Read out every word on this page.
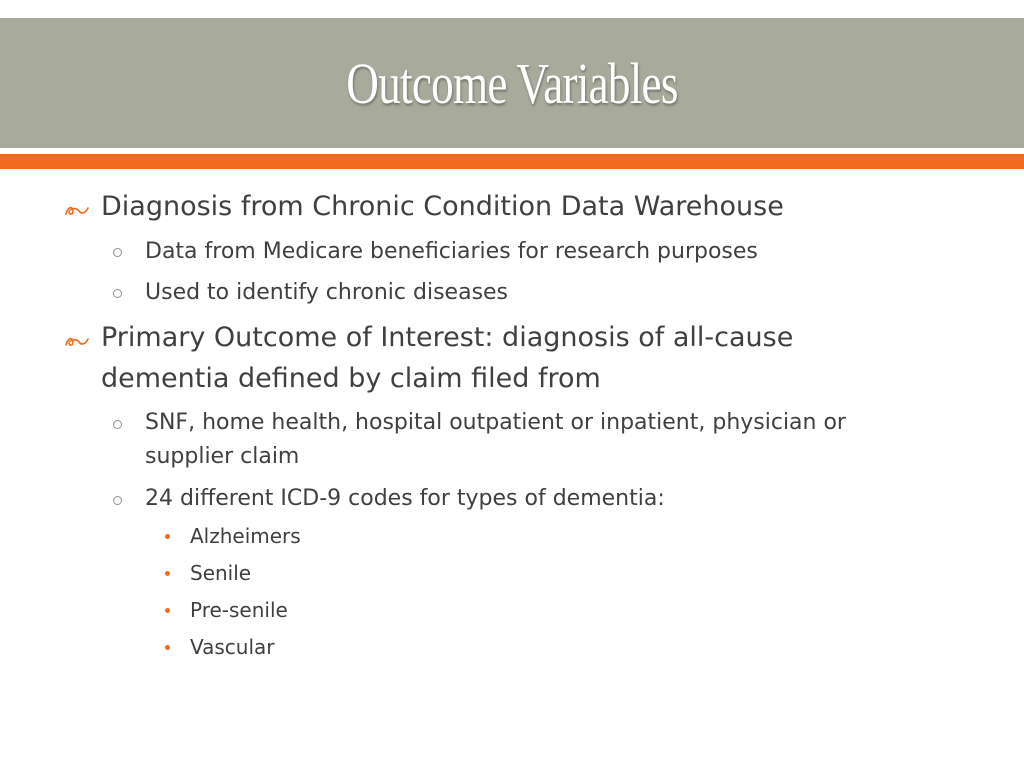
Outcome Variables

Diagnosis from Chronic Condition Data Warehouse

Data from Medicare beneficiaries for research purposes

Used to identify chronic diseases

Primary Outcome of Interest: diagnosis of all-cause

dementia defined by claim filed from

SNF, home health, hospital outpatient or inpatient, physician or

supplier claim

24 different ICD-9 codes for types of dementia:

Alzheimers

Senile

Pre-senile

Vascular
